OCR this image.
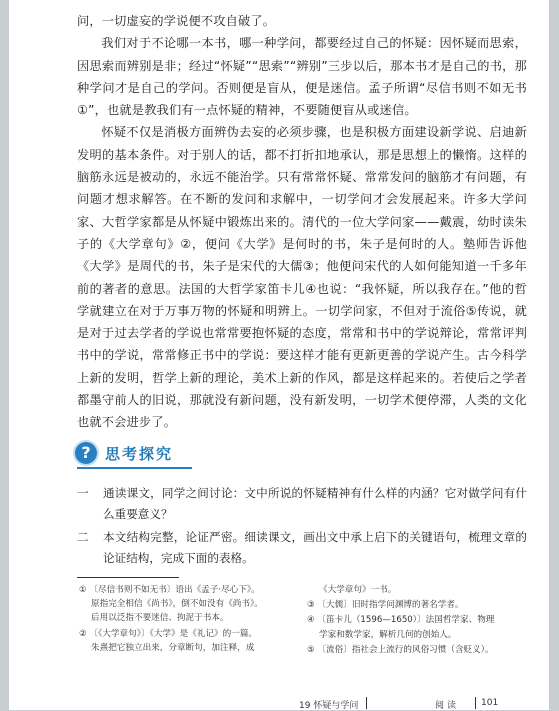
问，一切虚妄的学说便不攻自破了。

我们对于不论哪一本书，哪一种学问，都要经过自己的怀疑：因怀疑而思索，因思索而辨别是非；经过“怀疑”“思索”“辨别”三步以后，那本书才是自己的书，那种学问才是自己的学问。否则便是盲从，便是迷信。孟子所谓“尽信书则不如无书①”，也就是教我们有一点怀疑的精神，不要随便盲从或迷信。

怀疑不仅是消极方面辨伪去妄的必须步骤，也是积极方面建设新学说、启迪新发明的基本条件。对于别人的话，都不打折扣地承认，那是思想上的懒惰。这样的脑筋永远是被动的，永远不能治学。只有常常怀疑、常常发问的脑筋才有问题，有问题才想求解答。在不断的发问和求解中，一切学问才会发展起来。许多大学问家、大哲学家都是从怀疑中锻炼出来的。清代的一位大学问家——戴震，幼时读朱子的《大学章句》②，便问《大学》是何时的书，朱子是何时的人。塾师告诉他《大学》是周代的书，朱子是宋代的大儒③；他便问宋代的人如何能知道一千多年前的著者的意思。法国的大哲学家笛卡儿④也说：“我怀疑，所以我存在。”他的哲学就建立在对于万事万物的怀疑和明辨上。一切学问家，不但对于流俗⑤传说，就是对于过去学者的学说也常常要抱怀疑的态度，常常和书中的学说辩论，常常评判书中的学说，常常修正书中的学说：要这样才能有更新更善的学说产生。古今科学上新的发明，哲学上新的理论，美术上新的作风，都是这样起来的。若使后之学者都墨守前人的旧说，那就没有新问题，没有新发明，一切学术便停滞，人类的文化也就不会进步了。

? 思考探究
一	通读课文，同学之间讨论：文中所说的怀疑精神有什么样的内涵？它对做学问有什么重要意义？
二	本文结构完整，论证严密。细读课文，画出文中承上启下的关键语句，梳理文章的论证结构，完成下面的表格。
① 〔尽信书则不如无书〕语出《孟子·尽心下》。
原指完全相信《尚书》，倒不如没有《尚书》。
后用以泛指不要迷信、拘泥于书本。
② 〔《大学章句》〕《大学》是《礼记》的一篇。
朱熹把它独立出来，分章断句，加注释，成
《大学章句》一书。
③ 〔大儒〕旧时指学问渊博的著名学者。
④ 〔笛卡儿（1596—1650）〕法国哲学家、物理
学家和数学家，解析几何的创始人。
⑤ 〔流俗〕指社会上流行的风俗习惯（含贬义）。
19 怀疑与学问	阅读 101
